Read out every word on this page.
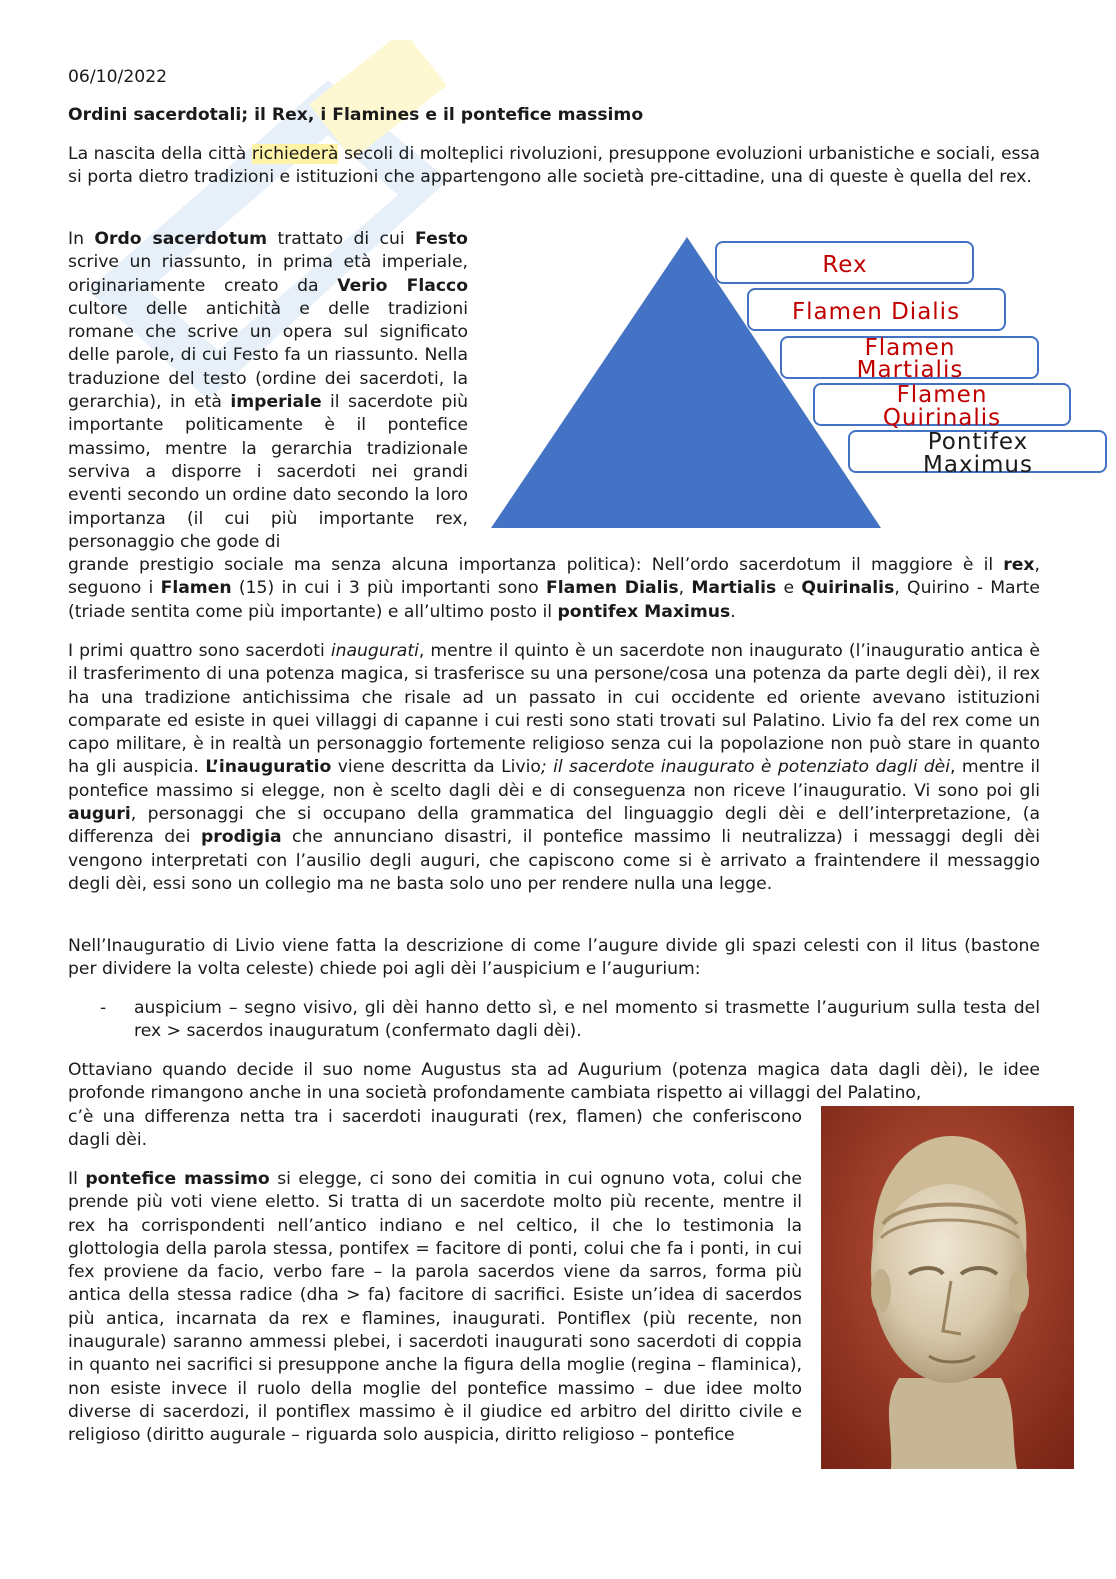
06/10/2022
Ordini sacerdotali; il Rex, i Flamines e il pontefice massimo
La nascita della città richiederà secoli di molteplici rivoluzioni, presuppone evoluzioni urbanistiche e sociali, essa si porta dietro tradizioni e istituzioni che appartengono alle società pre-cittadine, una di queste è quella del rex.
In Ordo sacerdotum trattato di cui Festo scrive un riassunto, in prima età imperiale, originariamente creato da Verio Flacco cultore delle antichità e delle tradizioni romane che scrive un opera sul significato delle parole, di cui Festo fa un riassunto. Nella traduzione del testo (ordine dei sacerdoti, la gerarchia), in età imperiale il sacerdote più importante politicamente è il pontefice massimo, mentre la gerarchia tradizionale serviva a disporre i sacerdoti nei grandi eventi secondo un ordine dato secondo la loro importanza (il cui più importante rex, personaggio che gode di
grande prestigio sociale ma senza alcuna importanza politica): Nell’ordo sacerdotum il maggiore è il rex, seguono i Flamen (15) in cui i 3 più importanti sono Flamen Dialis, Martialis e Quirinalis, Quirino - Marte (triade sentita come più importante) e all’ultimo posto il pontifex Maximus.
Rex
Flamen Dialis
Flamen
Martialis
Flamen
Quirinalis
Pontifex
Maximus
I primi quattro sono sacerdoti inaugurati, mentre il quinto è un sacerdote non inaugurato (l’inauguratio antica è il trasferimento di una potenza magica, si trasferisce su una persone/cosa una potenza da parte degli dèi), il rex ha una tradizione antichissima che risale ad un passato in cui occidente ed oriente avevano istituzioni comparate ed esiste in quei villaggi di capanne i cui resti sono stati trovati sul Palatino. Livio fa del rex come un capo militare, è in realtà un personaggio fortemente religioso senza cui la popolazione non può stare in quanto ha gli auspicia. L’inauguratio viene descritta da Livio; il sacerdote inaugurato è potenziato dagli dèi, mentre il pontefice massimo si elegge, non è scelto dagli dèi e di conseguenza non riceve l’inauguratio. Vi sono poi gli auguri, personaggi che si occupano della grammatica del linguaggio degli dèi e dell’interpretazione, (a differenza dei prodigia che annunciano disastri, il pontefice massimo li neutralizza) i messaggi degli dèi vengono interpretati con l’ausilio degli auguri, che capiscono come si è arrivato a fraintendere il messaggio degli dèi, essi sono un collegio ma ne basta solo uno per rendere nulla una legge.
Nell’Inauguratio di Livio viene fatta la descrizione di come l’augure divide gli spazi celesti con il litus (bastone per dividere la volta celeste) chiede poi agli dèi l’auspicium e l’augurium:
- auspicium – segno visivo, gli dèi hanno detto sì, e nel momento si trasmette l’augurium sulla testa del rex > sacerdos inauguratum (confermato dagli dèi).
Ottaviano quando decide il suo nome Augustus sta ad Augurium (potenza magica data dagli dèi), le idee profonde rimangono anche in una società profondamente cambiata rispetto ai villaggi del Palatino,
c’è una differenza netta tra i sacerdoti inaugurati (rex, flamen) che conferiscono dagli dèi.
Il pontefice massimo si elegge, ci sono dei comitia in cui ognuno vota, colui che prende più voti viene eletto. Si tratta di un sacerdote molto più recente, mentre il rex ha corrispondenti nell’antico indiano e nel celtico, il che lo testimonia la glottologia della parola stessa, pontifex = facitore di ponti, colui che fa i ponti, in cui fex proviene da facio, verbo fare – la parola sacerdos viene da sarros, forma più antica della stessa radice (dha > fa) facitore di sacrifici. Esiste un’idea di sacerdos più antica, incarnata da rex e flamines, inaugurati. Pontiflex (più recente, non inaugurale) saranno ammessi plebei, i sacerdoti inaugurati sono sacerdoti di coppia in quanto nei sacrifici si presuppone anche la figura della moglie (regina – flaminica), non esiste invece il ruolo della moglie del pontefice massimo – due idee molto diverse di sacerdozi, il pontiflex massimo è il giudice ed arbitro del diritto civile e religioso (diritto augurale – riguarda solo auspicia, diritto religioso – pontefice
